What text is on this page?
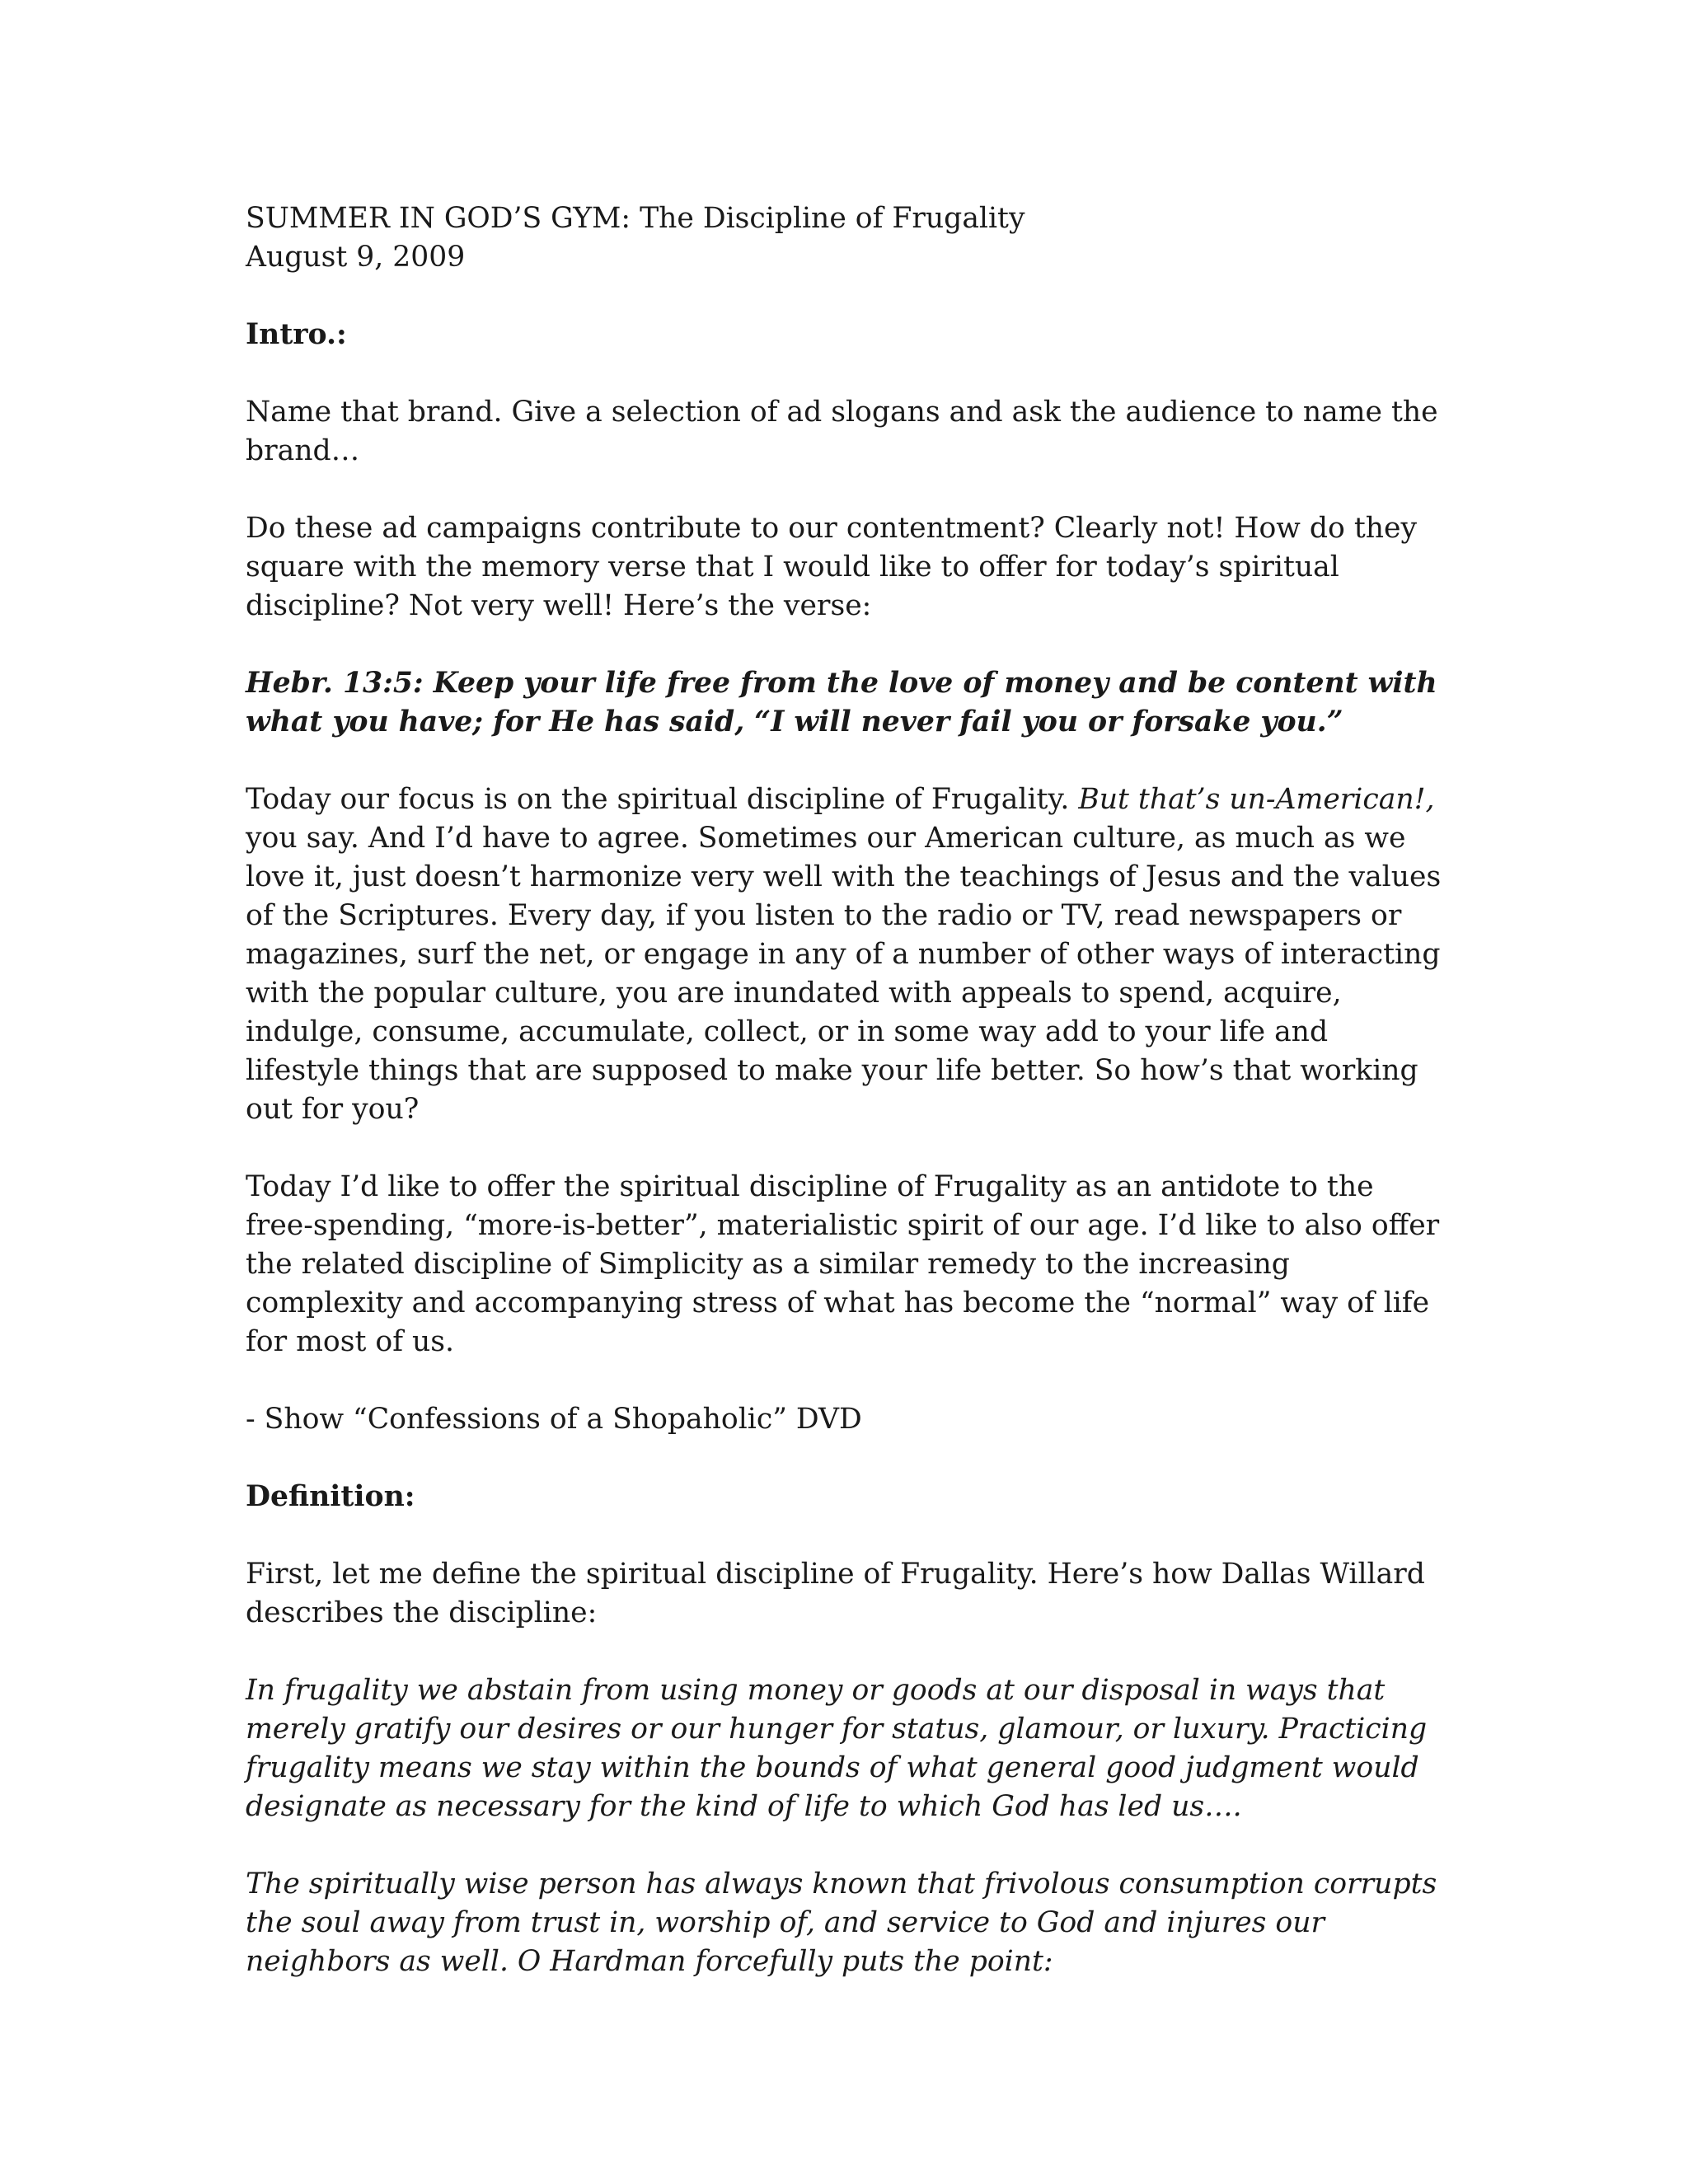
SUMMER IN GOD’S GYM: The Discipline of Frugality

August 9, 2009

Intro.:

Name that brand. Give a selection of ad slogans and ask the audience to name the brand…

Do these ad campaigns contribute to our contentment? Clearly not! How do they square with the memory verse that I would like to offer for today’s spiritual discipline? Not very well! Here’s the verse:

Hebr. 13:5: Keep your life free from the love of money and be content with what you have; for He has said, “I will never fail you or forsake you.”

Today our focus is on the spiritual discipline of Frugality. But that’s un-American!, you say. And I’d have to agree. Sometimes our American culture, as much as we love it, just doesn’t harmonize very well with the teachings of Jesus and the values of the Scriptures. Every day, if you listen to the radio or TV, read newspapers or magazines, surf the net, or engage in any of a number of other ways of interacting with the popular culture, you are inundated with appeals to spend, acquire, indulge, consume, accumulate, collect, or in some way add to your life and lifestyle things that are supposed to make your life better. So how’s that working out for you?

Today I’d like to offer the spiritual discipline of Frugality as an antidote to the free-spending, “more-is-better”, materialistic spirit of our age. I’d like to also offer the related discipline of Simplicity as a similar remedy to the increasing complexity and accompanying stress of what has become the “normal” way of life for most of us.

- Show “Confessions of a Shopaholic” DVD

Definition:

First, let me define the spiritual discipline of Frugality. Here’s how Dallas Willard describes the discipline:

In frugality we abstain from using money or goods at our disposal in ways that merely gratify our desires or our hunger for status, glamour, or luxury. Practicing frugality means we stay within the bounds of what general good judgment would designate as necessary for the kind of life to which God has led us….

The spiritually wise person has always known that frivolous consumption corrupts the soul away from trust in, worship of, and service to God and injures our neighbors as well. O Hardman forcefully puts the point:
